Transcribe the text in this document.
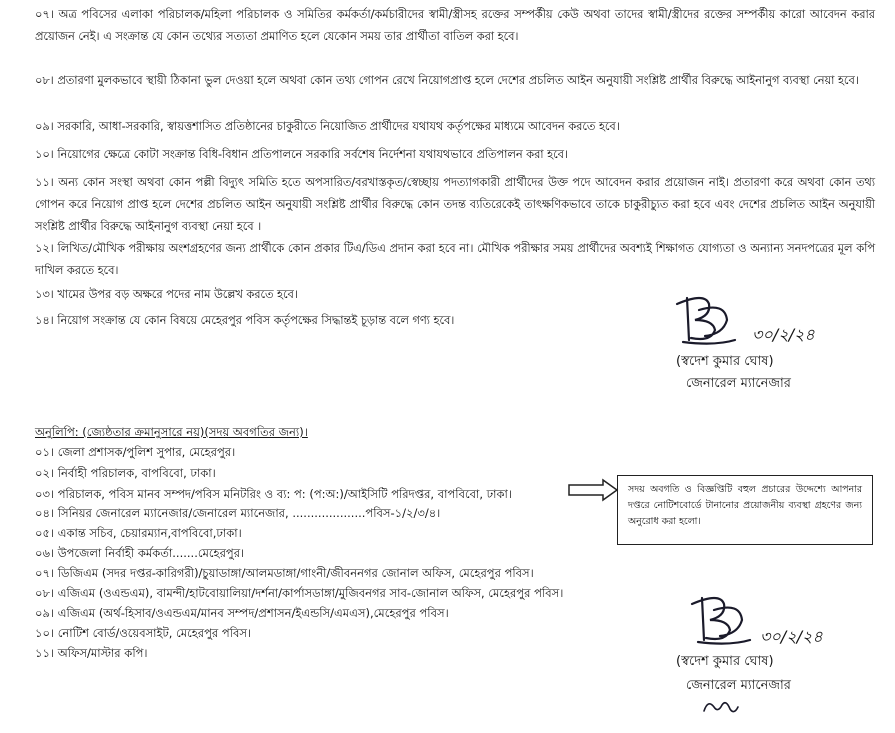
০৭। অত্র পবিসের এলাকা পরিচালক/মহিলা পরিচালক ও সমিতির কর্মকর্তা/কর্মচারীদের স্বামী/স্ত্রীসহ রক্তের সম্পর্কীয় কেউ অথবা তাদের স্বামী/স্ত্রীদের রক্তের সম্পর্কীয় কারো আবেদন করার প্রয়োজন নেই। এ সংক্রান্ত যে কোন তথ্যের সত্যতা প্রমাণিত হলে যেকোন সময় তার প্রার্থীতা বাতিল করা হবে।

০৮। প্রতারণা মুলকভাবে স্থায়ী ঠিকানা ভুল দেওয়া হলে অথবা কোন তথ্য গোপন রেখে নিয়োগপ্রাপ্ত হলে দেশের প্রচলিত আইন অনুযায়ী সংশ্লিষ্ট প্রার্থীর বিরুদ্ধে আইনানুগ ব্যবস্থা নেয়া হবে।

০৯। সরকারি, আধা-সরকারি, স্বায়ত্তশাসিত প্রতিষ্ঠানের চাকুরীতে নিয়োজিত প্রার্থীদের যথাযথ কর্তৃপক্ষের মাধ্যমে আবেদন করতে হবে।

১০। নিয়োগের ক্ষেত্রে কোটা সংক্রান্ত বিধি-বিধান প্রতিপালনে সরকারি সর্বশেষ নির্দেশনা যথাযথভাবে প্রতিপালন করা হবে।

১১। অন্য কোন সংস্থা অথবা কোন পল্লী বিদ্যুৎ সমিতি হতে অপসারিত/বরখাস্তকৃত/স্বেচ্ছায় পদত্যাগকারী প্রার্থীদের উক্ত পদে আবেদন করার প্রয়োজন নাই। প্রতারণা করে অথবা কোন তথ্য গোপন করে নিয়োগ প্রাপ্ত হলে দেশের প্রচলিত আইন অনুযায়ী সংশ্লিষ্ট প্রার্থীর বিরুদ্ধে কোন তদন্ত ব্যতিরেকেই তাৎক্ষণিকভাবে তাকে চাকুরীচ্যুত করা হবে এবং দেশের প্রচলিত আইন অনুযায়ী সংশ্লিষ্ট প্রার্থীর বিরুদ্ধে আইনানুগ ব্যবস্থা নেয়া হবে ।

১২। লিখিত/মৌখিক পরীক্ষায় অংশগ্রহণের জন্য প্রার্থীকে কোন প্রকার টিএ/ডিএ প্রদান করা হবে না। মৌখিক পরীক্ষার সময় প্রার্থীদের অবশ্যই শিক্ষাগত যোগ্যতা ও অন্যান্য সনদপত্রের মূল কপি দাখিল করতে হবে।

১৩। খামের উপর বড় অক্ষরে পদের নাম উল্লেখ করতে হবে।

১৪। নিয়োগ সংক্রান্ত যে কোন বিষয়ে মেহেরপুর পবিস কর্তৃপক্ষের সিদ্ধান্তই চূড়ান্ত বলে গণ্য হবে।

৩০/২/২৪
(স্বদেশ কুমার ঘোষ)
জেনারেল ম্যানেজার
অনুলিপি: (জ্যেষ্ঠতার ক্রমানুসারে নয়)(সদয় অবগতির জন্য)।
০১। জেলা প্রশাসক/পুলিশ সুপার, মেহেরপুর।
০২। নির্বাহী পরিচালক, বাপবিবো, ঢাকা।
০৩। পরিচালক, পবিস মানব সম্পদ/পবিস মনিটরিং ও ব্য: প: (প:অ:)/আইসিটি পরিদপ্তর, বাপবিবো, ঢাকা।
০৪। সিনিয়র জেনারেল ম্যানেজার/জেনারেল ম্যানেজার, ....................পবিস-১/২/৩/৪।
০৫। একান্ত সচিব, চেয়ারম্যান,বাপবিবো,ঢাকা।
০৬। উপজেলা নির্বাহী কর্মকর্তা.......মেহেরপুর।
০৭। ডিজিএম (সদর দপ্তর-কারিগরী)/চুয়াডাঙ্গা/আলমডাঙ্গা/গাংনী/জীবননগর জোনাল অফিস, মেহেরপুর পবিস।
০৮। এজিএম (ওএন্ডএম), বামন্দী/হাটবোয়ালিয়া/দর্শনা/কার্পাসডাঙ্গা/মুজিবনগর সাব-জোনাল অফিস, মেহেরপুর পবিস।
০৯। এজিএম (অর্থ-হিসাব/ওএন্ডএম/মানব সম্পদ/প্রশাসন/ইএন্ডসি/এমএস),মেহেরপুর পবিস।
১০। নোটিশ বোর্ড/ওয়েবসাইট, মেহেরপুর পবিস।
১১। অফিস/মাস্টার কপি।
সদয় অবগতি ও বিজ্ঞপ্তিটি বহুল প্রচারের উদ্দেশ্যে আপনার দপ্তরে নোটিশবোর্ডে টানানোর প্রয়োজনীয় ব্যবস্থা গ্রহণের জন্য অনুরোধ করা হলো।
৩০/২/২৪
(স্বদেশ কুমার ঘোষ)
জেনারেল ম্যানেজার
